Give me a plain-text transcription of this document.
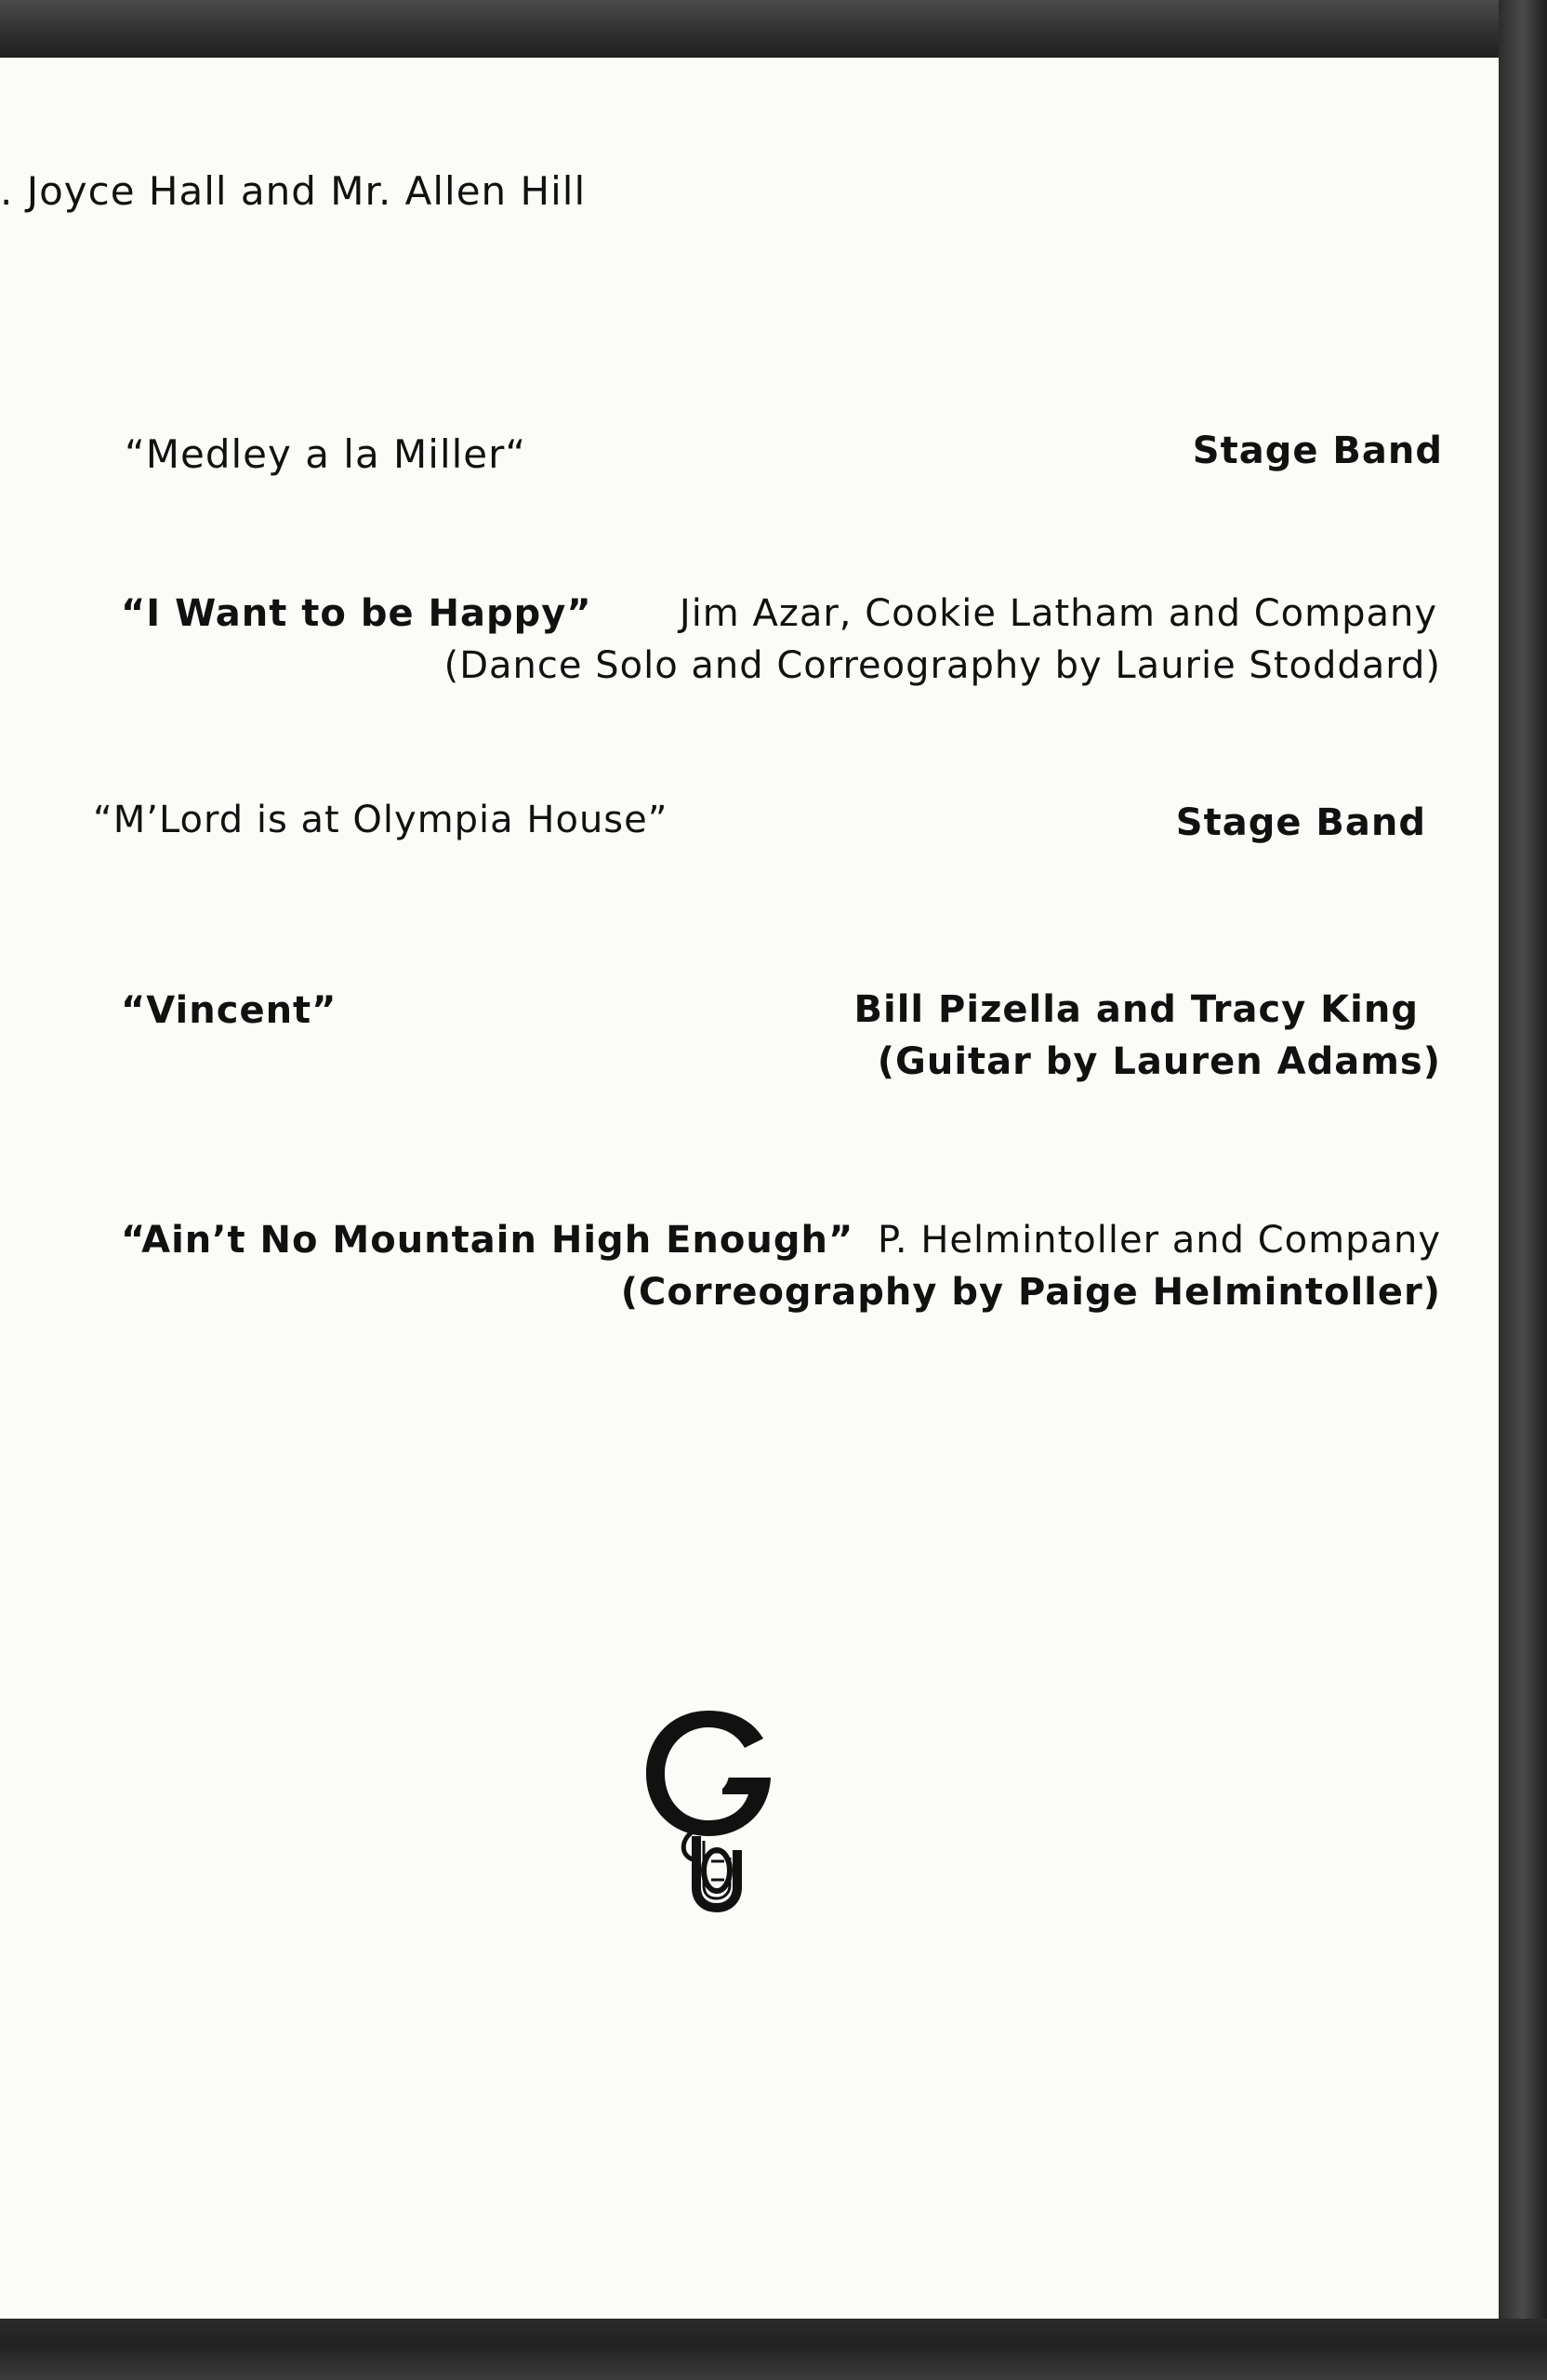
. Joyce Hall and Mr. Allen Hill
“Medley a la Miller“	Stage Band
“I Want to be Happy” Jim Azar, Cookie Latham and Company
(Dance Solo and Correography by Laurie Stoddard)
“M’Lord is at Olympia House”	Stage Band
“Vincent”	Bill Pizella and Tracy King
(Guitar by Lauren Adams)
“Ain’t No Mountain High Enough” P. Helmintoller and Company
(Correography by Paige Helmintoller)
